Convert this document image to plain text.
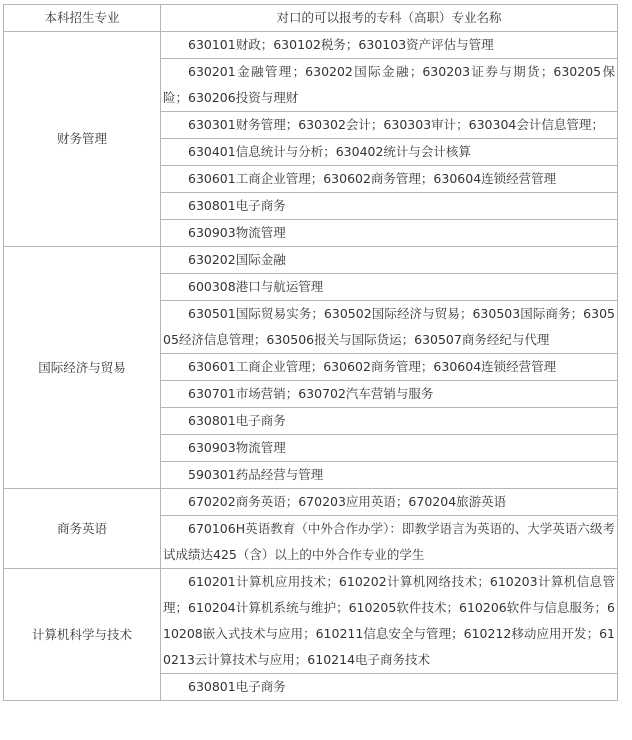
本科招生专业	对口的可以报考的专科（高职）专业名称
财务管理	630101财政；630102税务；630103资产评估与管理
	630201金融管理；630202国际金融；630203证券与期货；630205保险；630206投资与理财
	630301财务管理；630302会计；630303审计；630304会计信息管理；
	630401信息统计与分析；630402统计与会计核算
	630601工商企业管理；630602商务管理；630604连锁经营管理
	630801电子商务
	630903物流管理
国际经济与贸易	630202国际金融
	600308港口与航运管理
	630501国际贸易实务；630502国际经济与贸易；630503国际商务；630505经济信息管理；630506报关与国际货运；630507商务经纪与代理
	630601工商企业管理；630602商务管理；630604连锁经营管理
	630701市场营销；630702汽车营销与服务
	630801电子商务
	630903物流管理
	590301药品经营与管理
商务英语	670202商务英语；670203应用英语；670204旅游英语
	670106H英语教育（中外合作办学）：即教学语言为英语的、大学英语六级考试成绩达425（含）以上的中外合作专业的学生
计算机科学与技术	610201计算机应用技术；610202计算机网络技术；610203计算机信息管理；610204计算机系统与维护；610205软件技术；610206软件与信息服务；610208嵌入式技术与应用；610211信息安全与管理；610212移动应用开发；610213云计算技术与应用；610214电子商务技术
	630801电子商务
